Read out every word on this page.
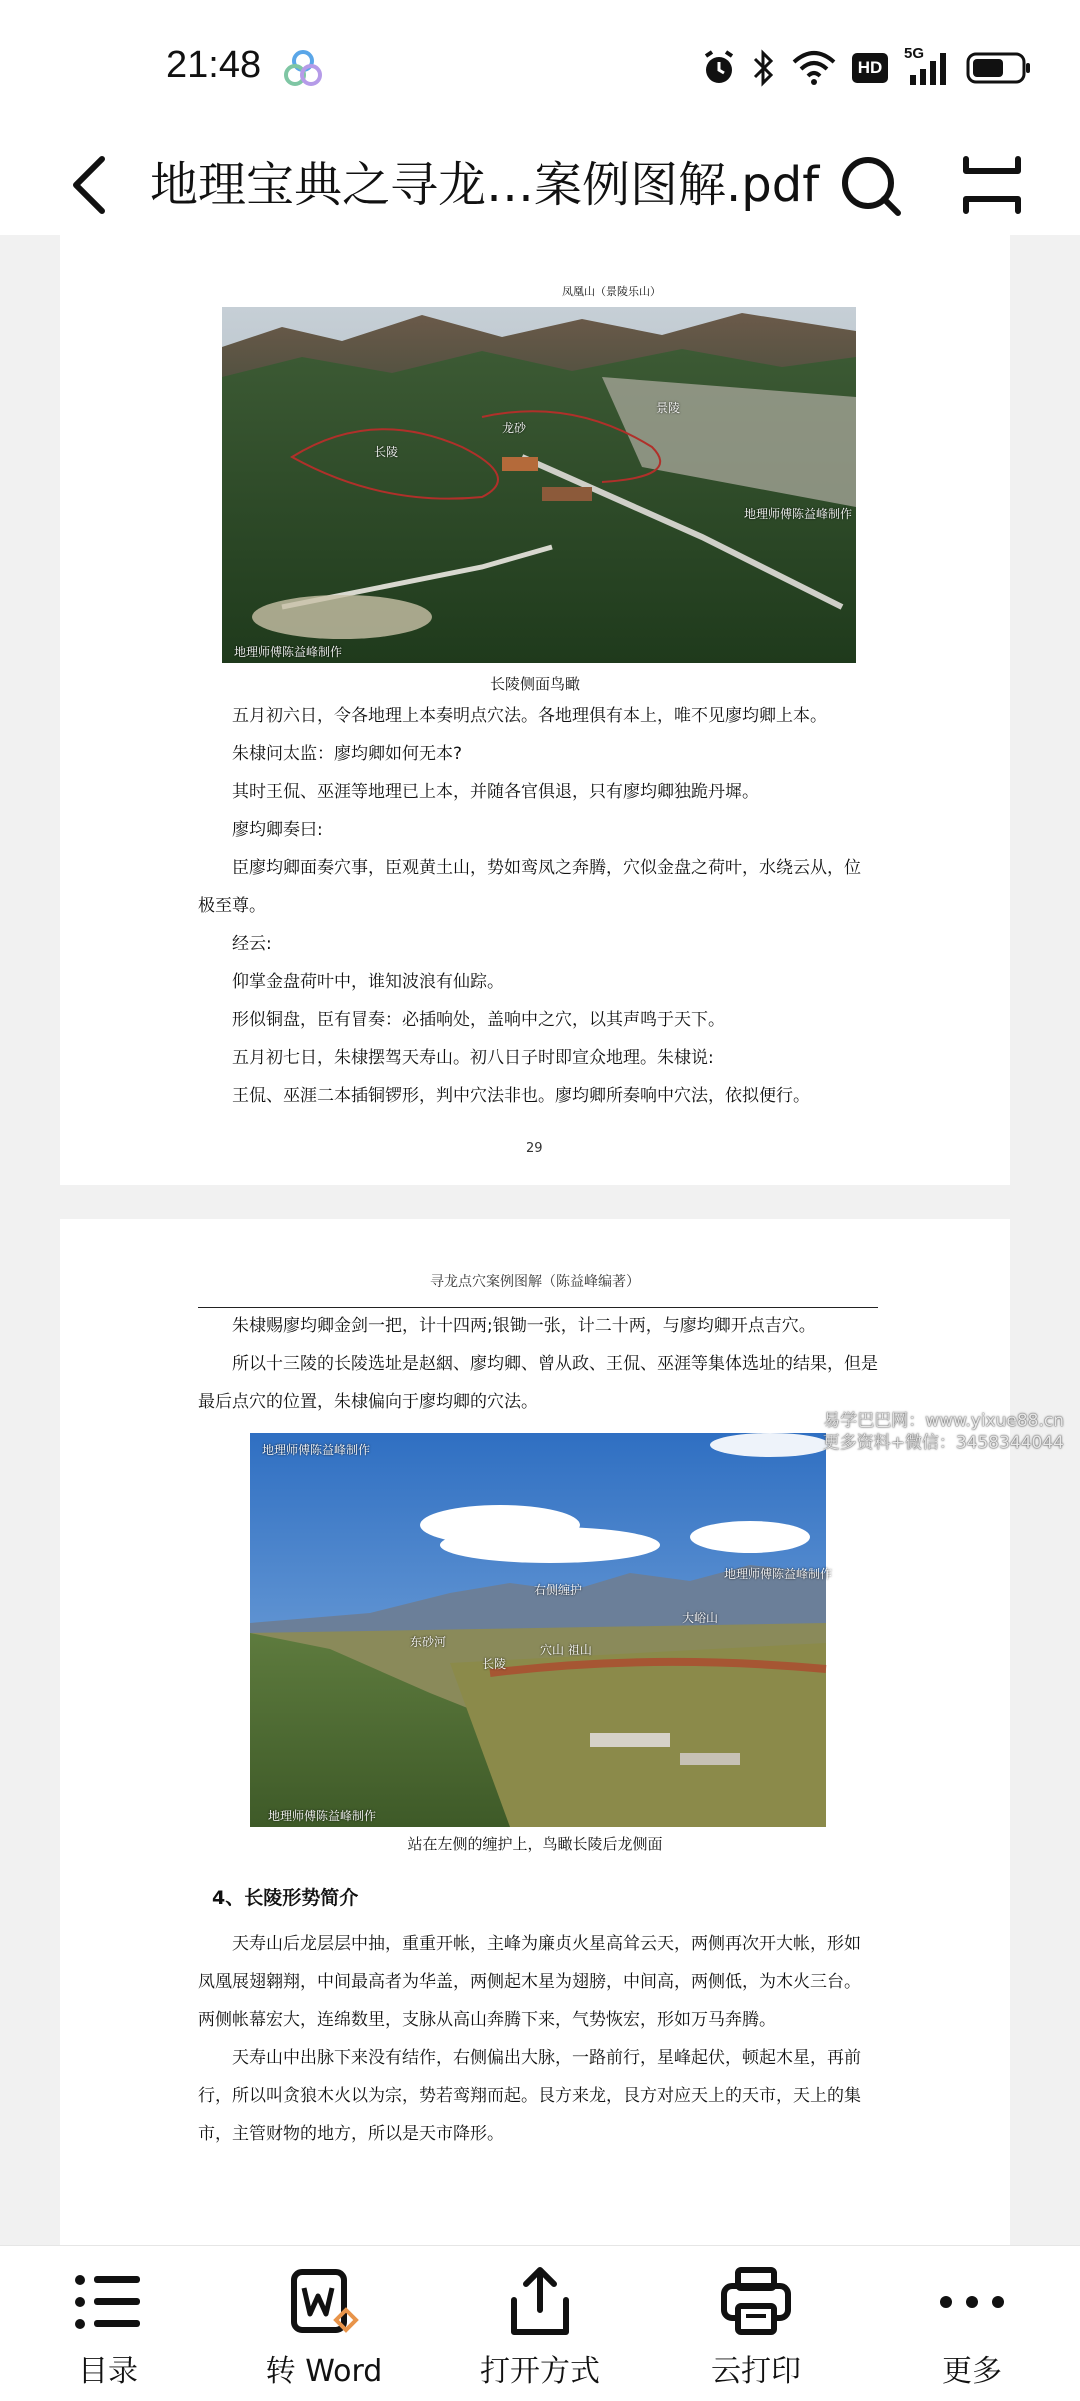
21:48	HD
5G
地理宝典之寻龙…案例图解.pdf
凤凰山（景陵乐山）
长陵
龙砂
景陵
地理师傅陈益峰制作
地理师傅陈益峰制作
长陵侧面鸟瞰
五月初六日，令各地理上本奏明点穴法。各地理俱有本上，唯不见廖均卿上本。
朱棣问太监：廖均卿如何无本?
其时王侃、巫涯等地理已上本，并随各官俱退，只有廖均卿独跪丹墀。
廖均卿奏曰:
臣廖均卿面奏穴事，臣观黄土山，势如鸾凤之奔腾，穴似金盘之荷叶，水绕云从，位
极至尊。
经云:
仰掌金盘荷叶中，谁知波浪有仙踪。
形似铜盘，臣有冒奏：必插响处，盖响中之穴，以其声鸣于天下。
五月初七日，朱棣摆驾天寿山。初八日子时即宣众地理。朱棣说:
王侃、巫涯二本插铜锣形，判中穴法非也。廖均卿所奏响中穴法，依拟便行。
29
寻龙点穴案例图解（陈益峰编著）
朱棣赐廖均卿金剑一把，计十四两;银锄一张，计二十两，与廖均卿开点吉穴。
所以十三陵的长陵选址是赵絪、廖均卿、曾从政、王侃、巫涯等集体选址的结果，但是
最后点穴的位置，朱棣偏向于廖均卿的穴法。
地理师傅陈益峰制作
右侧缠护
地理师傅陈益峰制作
大峪山
东砂河
长陵
穴山 祖山
地理师傅陈益峰制作
站在左侧的缠护上，鸟瞰长陵后龙侧面
4、长陵形势简介
天寿山后龙层层中抽，重重开帐，主峰为廉贞火星高耸云天，两侧再次开大帐，形如
凤凰展翅翱翔，中间最高者为华盖，两侧起木星为翅膀，中间高，两侧低，为木火三台。
两侧帐幕宏大，连绵数里，支脉从高山奔腾下来，气势恢宏，形如万马奔腾。
天寿山中出脉下来没有结作，右侧偏出大脉，一路前行，星峰起伏，顿起木星，再前
行，所以叫贪狼木火以为宗，势若鸾翔而起。艮方来龙，艮方对应天上的天市，天上的集
市，主管财物的地方，所以是天市降形。
易学巴巴网：www.yixue88.cn
更多资料+微信：3458344044
目录	转 Word	打开方式	云打印	更多
